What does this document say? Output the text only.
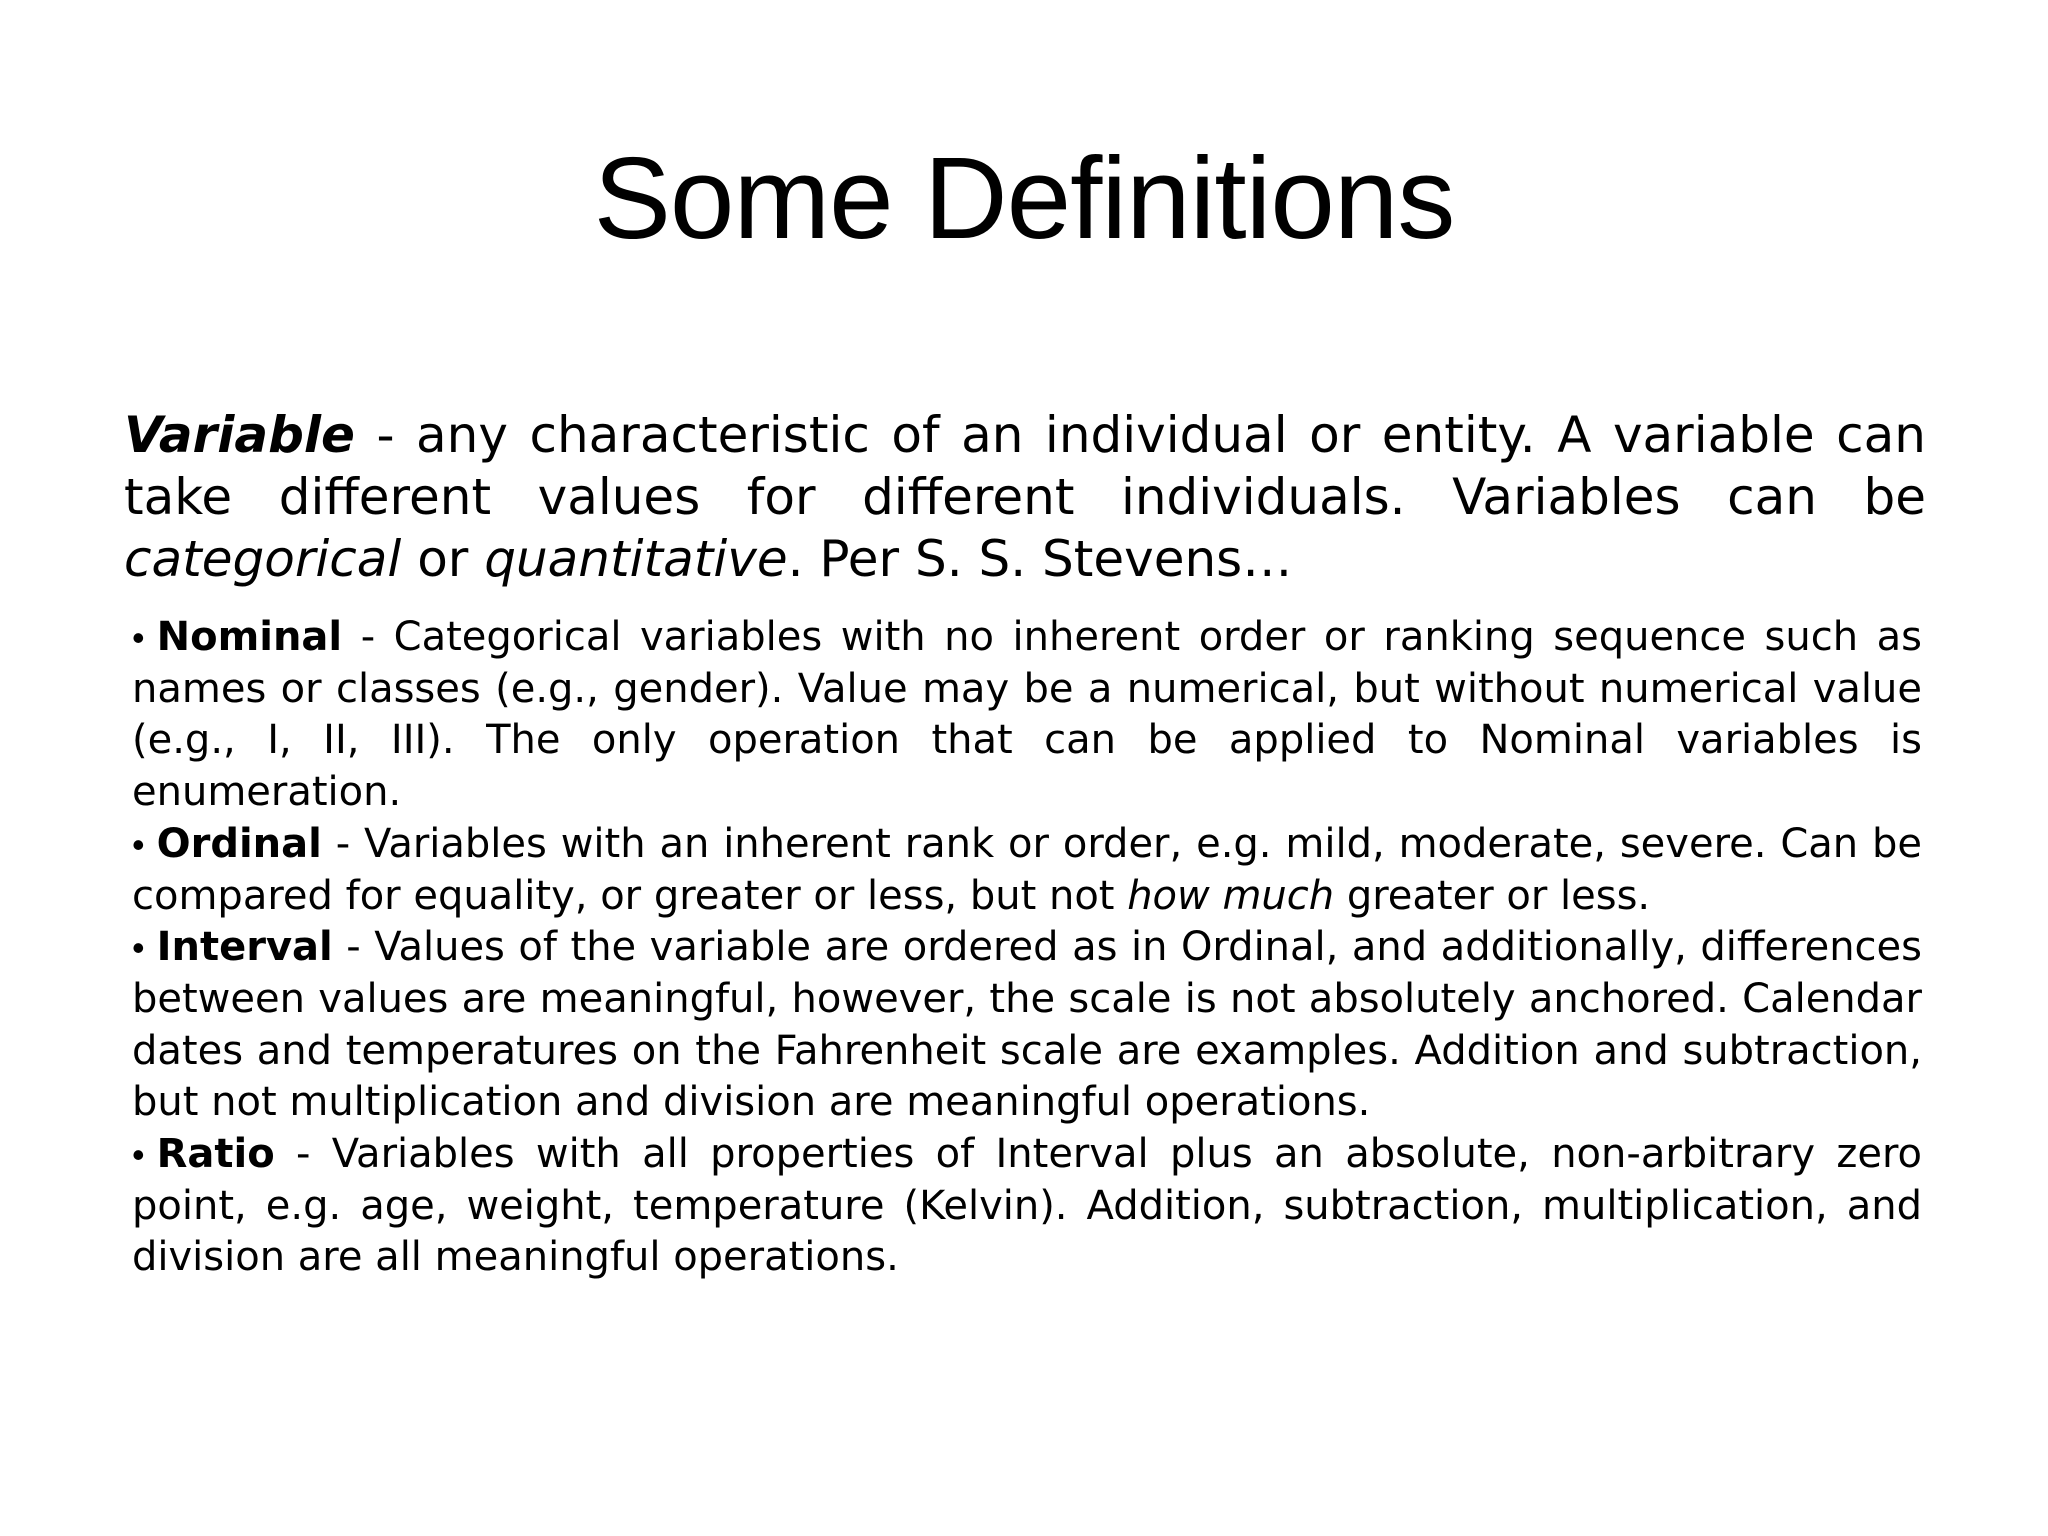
Some Definitions

Variable - any characteristic of an individual or entity. A variable can take different values for different individuals. Variables can be categorical or quantitative. Per S. S. Stevens…

• Nominal - Categorical variables with no inherent order or ranking sequence such as names or classes (e.g., gender). Value may be a numerical, but without numerical value (e.g., I, II, III). The only operation that can be applied to Nominal variables is enumeration.
• Ordinal - Variables with an inherent rank or order, e.g. mild, moderate, severe. Can be compared for equality, or greater or less, but not how much greater or less.
• Interval - Values of the variable are ordered as in Ordinal, and additionally, differences between values are meaningful, however, the scale is not absolutely anchored. Calendar dates and temperatures on the Fahrenheit scale are examples. Addition and subtraction, but not multiplication and division are meaningful operations.
• Ratio - Variables with all properties of Interval plus an absolute, non-arbitrary zero point, e.g. age, weight, temperature (Kelvin). Addition, subtraction, multiplication, and division are all meaningful operations.
